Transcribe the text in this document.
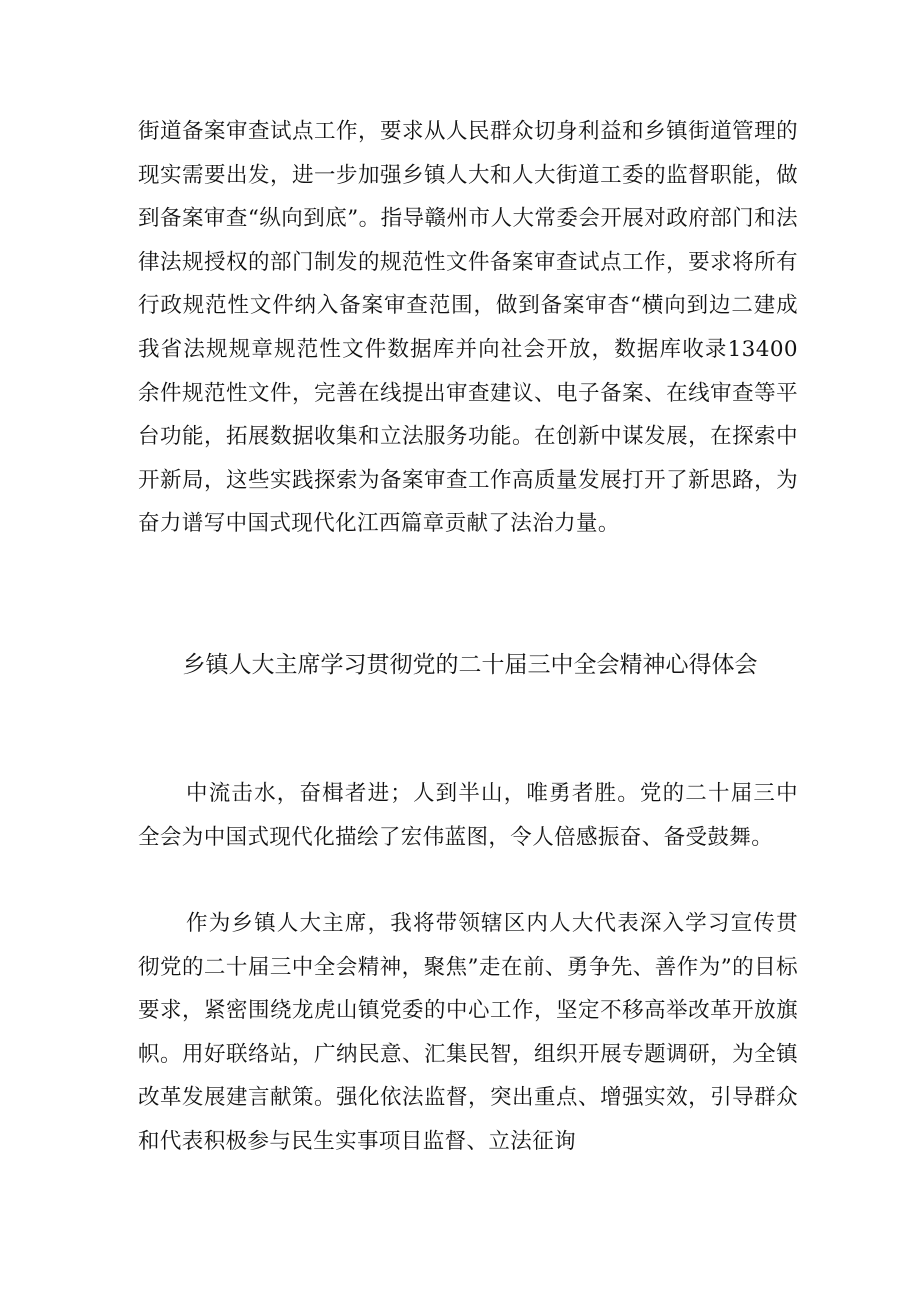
街道备案审查试点工作，要求从人民群众切身利益和乡镇街道管理的现实需要出发，进一步加强乡镇人大和人大街道工委的监督职能，做到备案审查“纵向到底”。指导赣州市人大常委会开展对政府部门和法律法规授权的部门制发的规范性文件备案审查试点工作，要求将所有行政规范性文件纳入备案审查范围，做到备案审杳“横向到边二建成我省法规规章规范性文件数据库并向社会开放，数据库收录13400余件规范性文件，完善在线提出审查建议、电子备案、在线审查等平台功能，拓展数据收集和立法服务功能。在创新中谋发展，在探索中开新局，这些实践探索为备案审查工作高质量发展打开了新思路，为奋力谱写中国式现代化江西篇章贡献了法治力量。

乡镇人大主席学习贯彻党的二十届三中全会精神心得体会

中流击水，奋楫者进；人到半山，唯勇者胜。党的二十届三中全会为中国式现代化描绘了宏伟蓝图，令人倍感振奋、备受鼓舞。

作为乡镇人大主席，我将带领辖区内人大代表深入学习宣传贯彻党的二十届三中全会精神，聚焦”走在前、勇争先、善作为”的目标要求，紧密围绕龙虎山镇党委的中心工作，坚定不移高举改革开放旗帜。用好联络站，广纳民意、汇集民智，组织开展专题调研，为全镇改革发展建言献策。强化依法监督，突出重点、增强实效，引导群众和代表积极参与民生实事项目监督、立法征询
